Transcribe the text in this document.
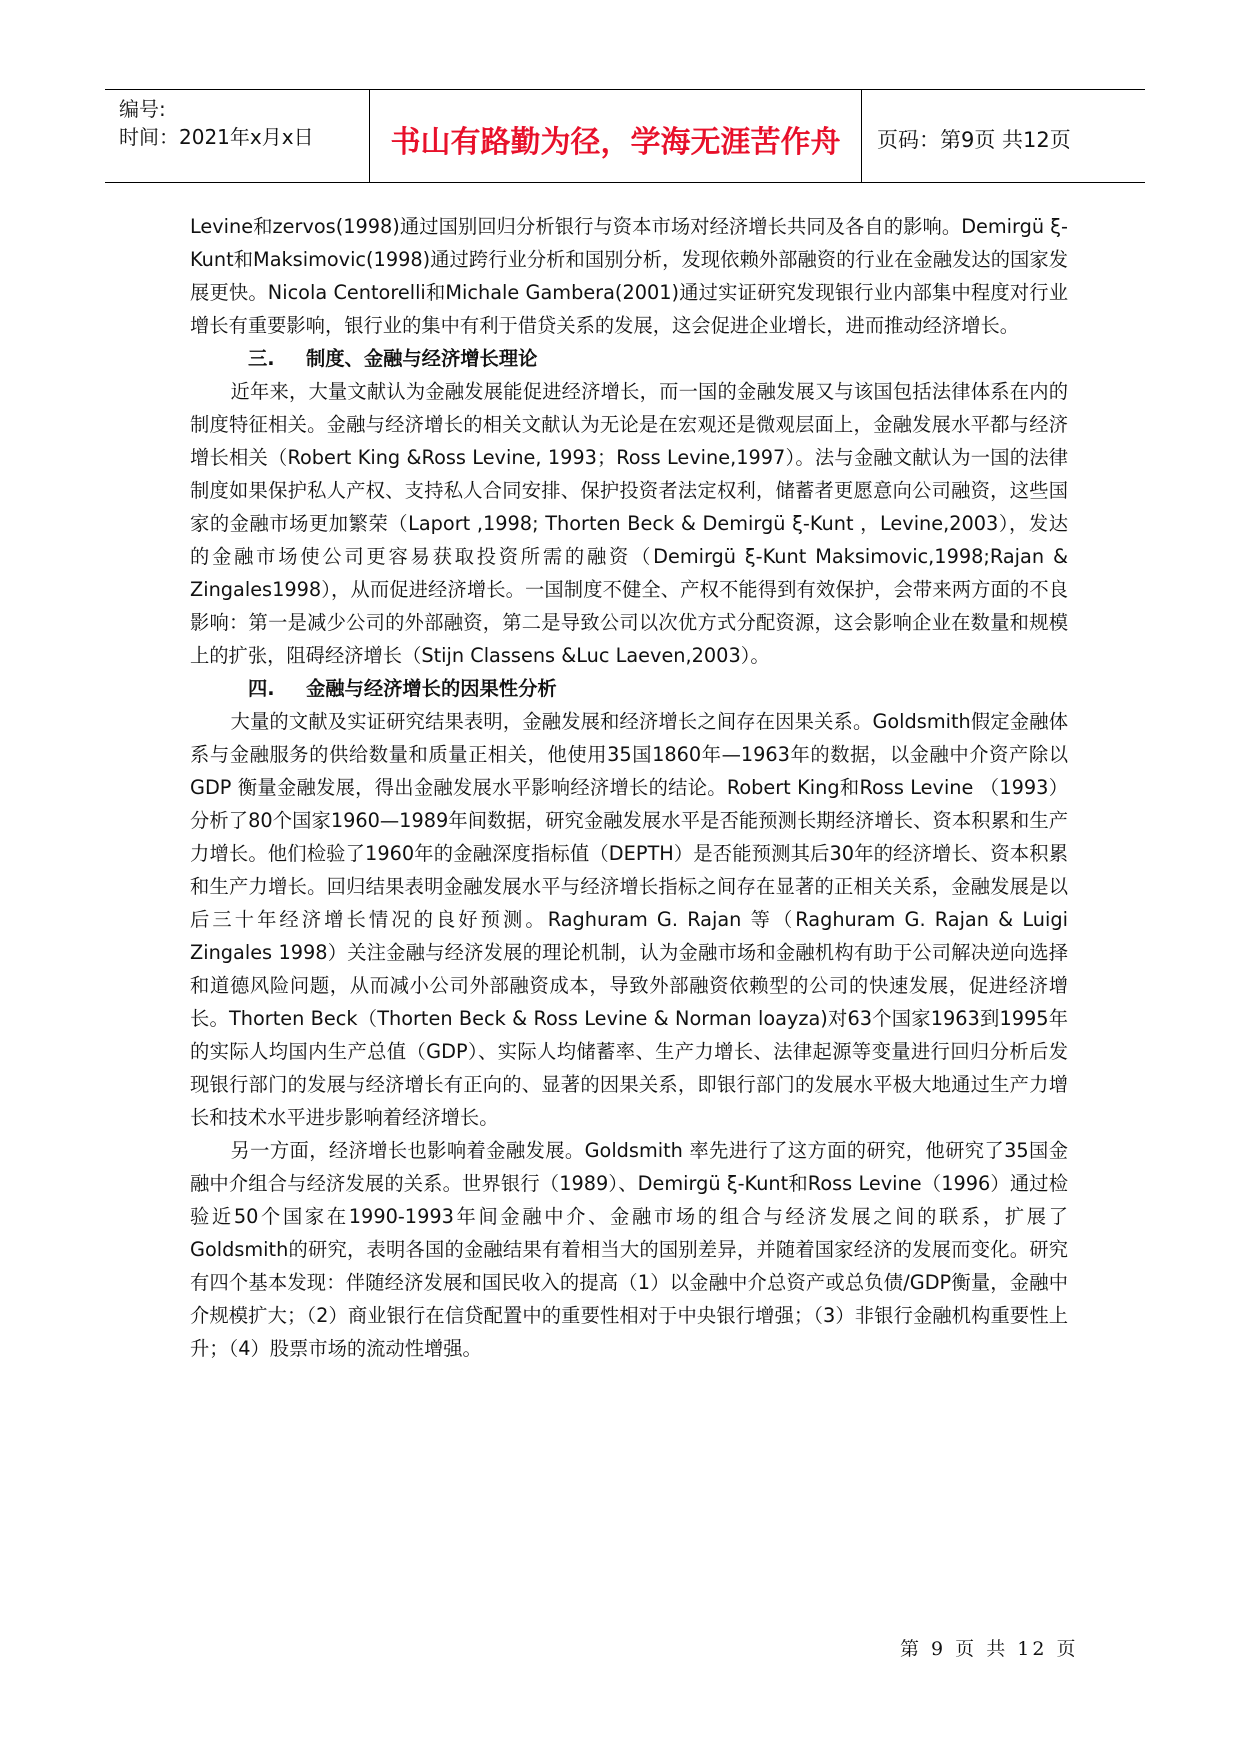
编号:
时间：2021年x月x日	书山有路勤为径，学海无涯苦作舟	页码：第9页 共12页

Levine和zervos(1998)通过国别回归分析银行与资本市场对经济增长共同及各自的影响。Demirgü ξ-Kunt和Maksimovic(1998)通过跨行业分析和国别分析，发现依赖外部融资的行业在金融发达的国家发展更快。Nicola Centorelli和Michale Gambera(2001)通过实证研究发现银行业内部集中程度对行业增长有重要影响，银行业的集中有利于借贷关系的发展，这会促进企业增长，进而推动经济增长。

三. 制度、金融与经济增长理论

近年来，大量文献认为金融发展能促进经济增长，而一国的金融发展又与该国包括法律体系在内的制度特征相关。金融与经济增长的相关文献认为无论是在宏观还是微观层面上，金融发展水平都与经济增长相关（Robert King &Ross Levine, 1993；Ross Levine,1997）。法与金融文献认为一国的法律制度如果保护私人产权、支持私人合同安排、保护投资者法定权利，储蓄者更愿意向公司融资，这些国家的金融市场更加繁荣（Laport ,1998; Thorten Beck & Demirgü ξ-Kunt ，Levine,2003），发达的金融市场使公司更容易获取投资所需的融资（Demirgü ξ-Kunt Maksimovic,1998;Rajan & Zingales1998），从而促进经济增长。一国制度不健全、产权不能得到有效保护，会带来两方面的不良影响：第一是减少公司的外部融资，第二是导致公司以次优方式分配资源，这会影响企业在数量和规模上的扩张，阻碍经济增长（Stijn Classens &Luc Laeven,2003）。

四. 金融与经济增长的因果性分析

大量的文献及实证研究结果表明，金融发展和经济增长之间存在因果关系。Goldsmith假定金融体系与金融服务的供给数量和质量正相关，他使用35国1860年—1963年的数据，以金融中介资产除以GDP 衡量金融发展，得出金融发展水平影响经济增长的结论。Robert King和Ross Levine （1993）分析了80个国家1960—1989年间数据，研究金融发展水平是否能预测长期经济增长、资本积累和生产力增长。他们检验了1960年的金融深度指标值（DEPTH）是否能预测其后30年的经济增长、资本积累和生产力增长。回归结果表明金融发展水平与经济增长指标之间存在显著的正相关关系，金融发展是以后三十年经济增长情况的良好预测。Raghuram G. Rajan 等（Raghuram G. Rajan & Luigi Zingales 1998）关注金融与经济发展的理论机制，认为金融市场和金融机构有助于公司解决逆向选择和道德风险问题，从而减小公司外部融资成本，导致外部融资依赖型的公司的快速发展，促进经济增长。Thorten Beck（Thorten Beck & Ross Levine & Norman loayza)对63个国家1963到1995年的实际人均国内生产总值（GDP）、实际人均储蓄率、生产力增长、法律起源等变量进行回归分析后发现银行部门的发展与经济增长有正向的、显著的因果关系，即银行部门的发展水平极大地通过生产力增长和技术水平进步影响着经济增长。

另一方面，经济增长也影响着金融发展。Goldsmith 率先进行了这方面的研究，他研究了35国金融中介组合与经济发展的关系。世界银行（1989）、Demirgü ξ-Kunt和Ross Levine（1996）通过检验近50个国家在1990-1993年间金融中介、金融市场的组合与经济发展之间的联系，扩展了Goldsmith的研究，表明各国的金融结果有着相当大的国别差异，并随着国家经济的发展而变化。研究有四个基本发现：伴随经济发展和国民收入的提高（1）以金融中介总资产或总负债/GDP衡量，金融中介规模扩大；（2）商业银行在信贷配置中的重要性相对于中央银行增强；（3）非银行金融机构重要性上升；（4）股票市场的流动性增强。

第 9 页 共 12 页
